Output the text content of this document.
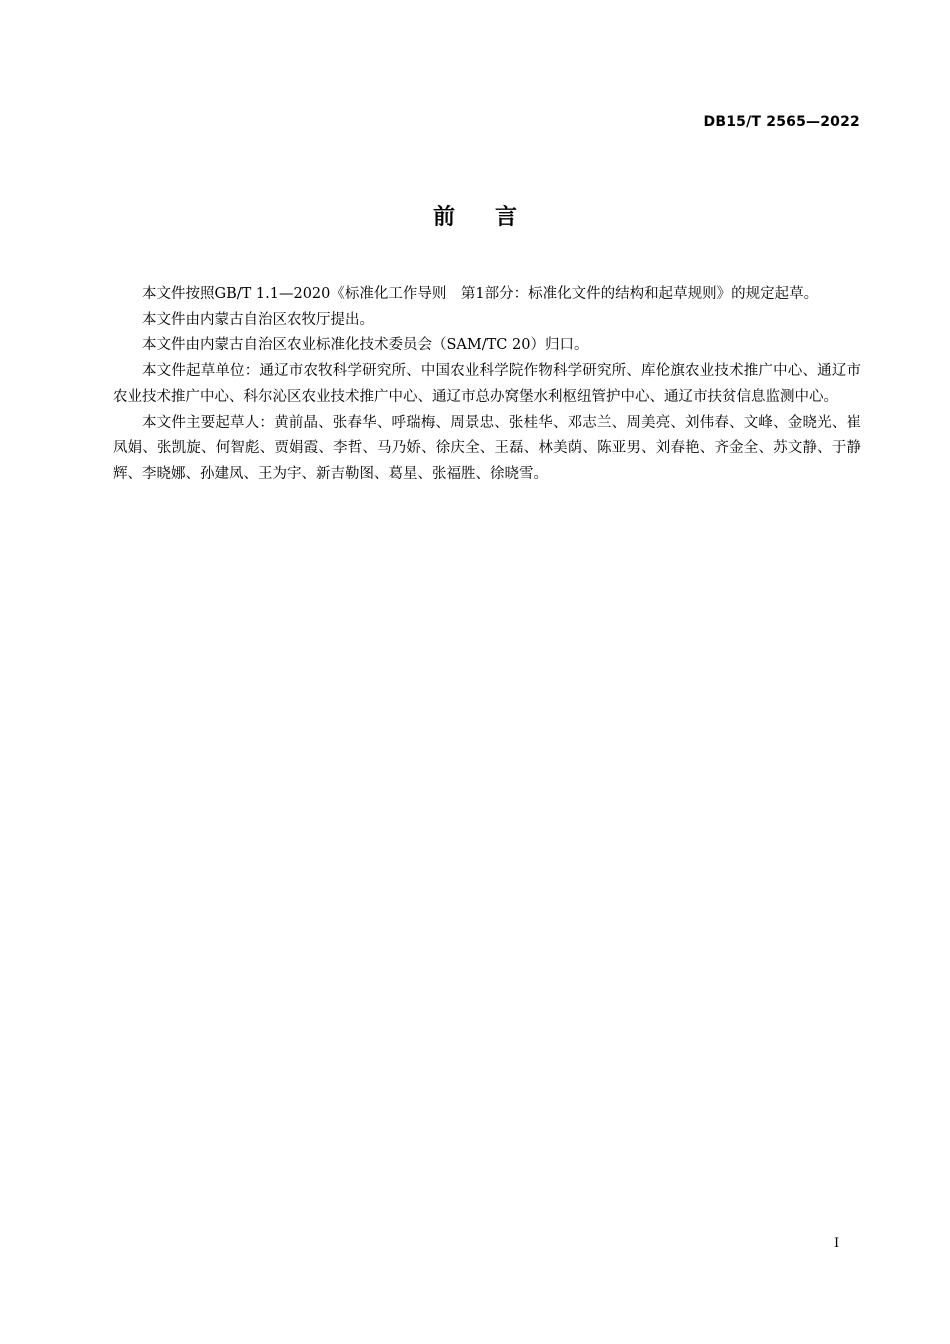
DB15/T 2565—2022
前言

本文件按照GB/T 1.1—2020《标准化工作导则　第1部分：标准化文件的结构和起草规则》的规定起草。

本文件由内蒙古自治区农牧厅提出。

本文件由内蒙古自治区农业标准化技术委员会（SAM/TC 20）归口。

本文件起草单位：通辽市农牧科学研究所、中国农业科学院作物科学研究所、库伦旗农业技术推广中心、通辽市农业技术推广中心、科尔沁区农业技术推广中心、通辽市总办窝堡水利枢纽管护中心、通辽市扶贫信息监测中心。

本文件主要起草人：黄前晶、张春华、呼瑞梅、周景忠、张桂华、邓志兰、周美亮、刘伟春、文峰、金晓光、崔凤娟、张凯旋、何智彪、贾娟霞、李哲、马乃娇、徐庆全、王磊、林美荫、陈亚男、刘春艳、齐金全、苏文静、于静辉、李晓娜、孙建凤、王为宇、新吉勒图、葛星、张福胜、徐晓雪。

I
